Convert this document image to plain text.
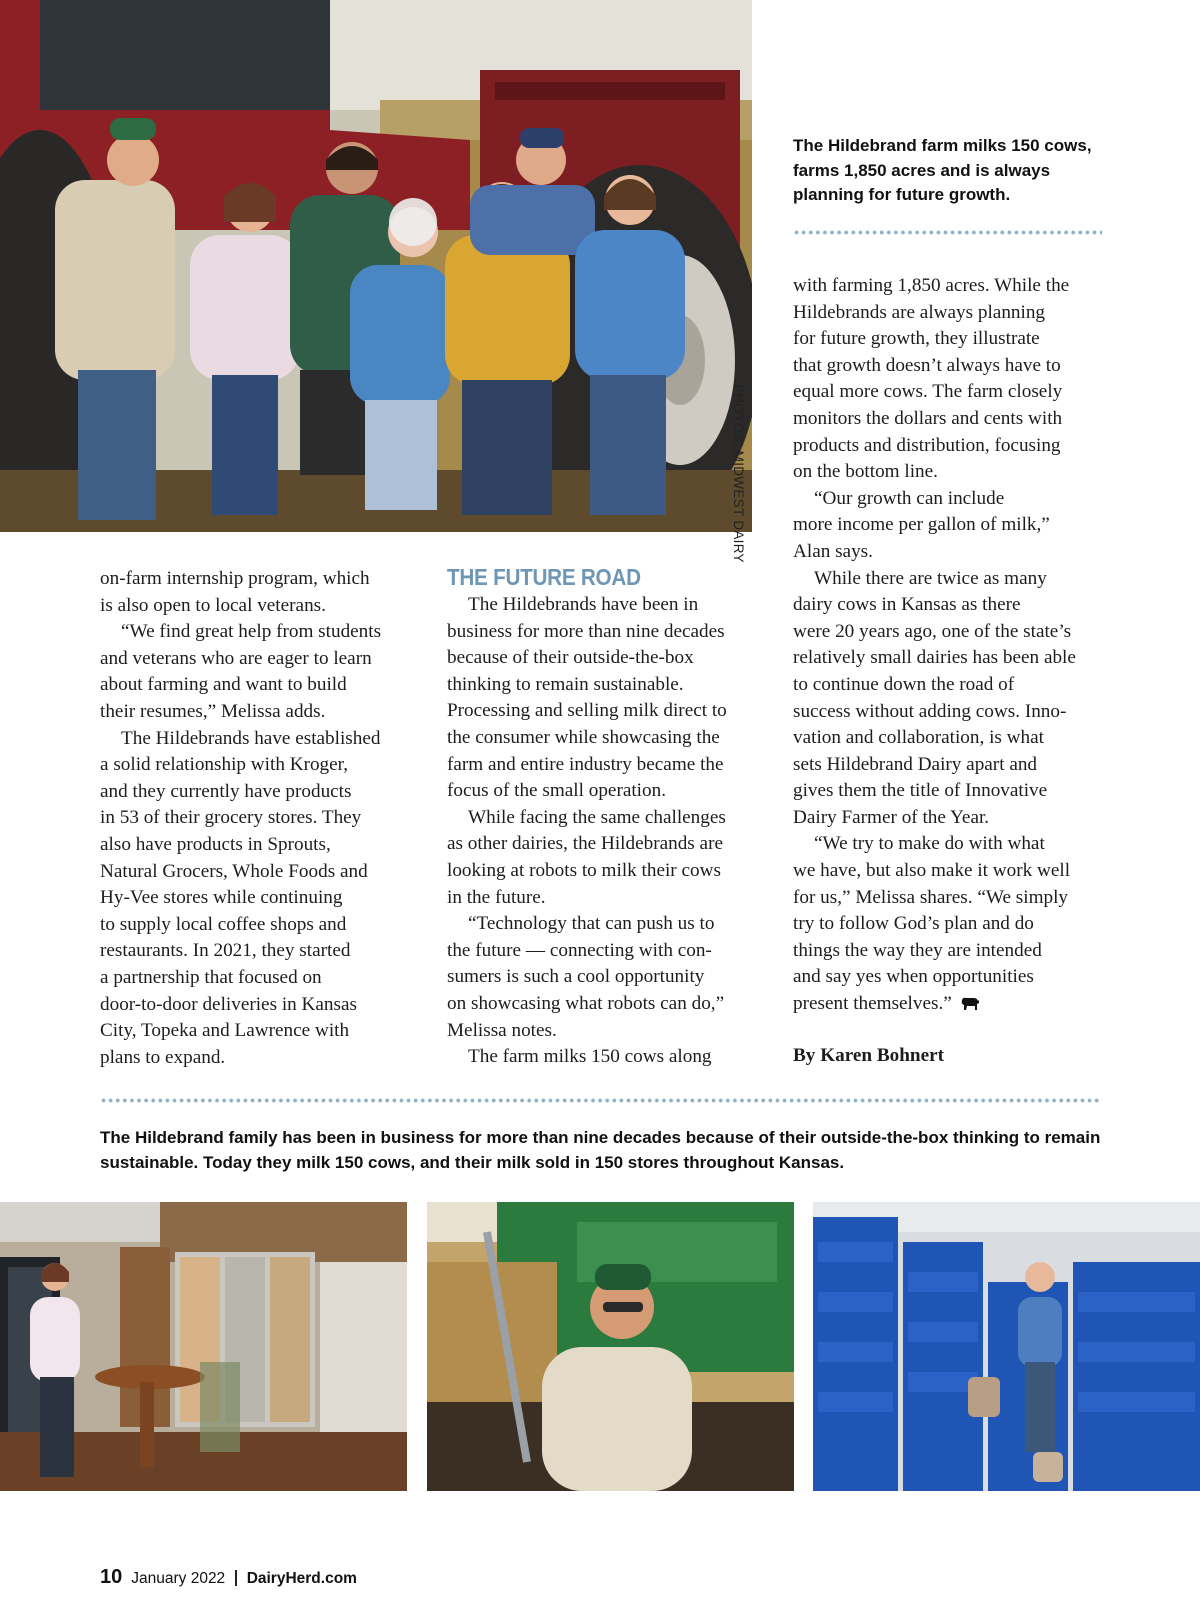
PHOTOS: MIDWEST DAIRY
The Hildebrand farm milks 150 cows, farms 1,850 acres and is always planning for future growth.

on-farm internship program, which

is also open to local veterans.

“We find great help from students

and veterans who are eager to learn

about farming and want to build

their resumes,” Melissa adds.

The Hildebrands have established

a solid relationship with Kroger,

and they currently have products

in 53 of their grocery stores. They

also have products in Sprouts,

Natural Grocers, Whole Foods and

Hy-Vee stores while continuing

to supply local coffee shops and

restaurants. In 2021, they started

a partnership that focused on

door-to-door deliveries in Kansas

City, Topeka and Lawrence with

plans to expand.

THE FUTURE ROAD

The Hildebrands have been in

business for more than nine decades

because of their outside-the-box

thinking to remain sustainable.

Processing and selling milk direct to

the consumer while showcasing the

farm and entire industry became the

focus of the small operation.

While facing the same challenges

as other dairies, the Hildebrands are

looking at robots to milk their cows

in the future.

“Technology that can push us to

the future — connecting with con-

sumers is such a cool opportunity

on showcasing what robots can do,”

Melissa notes.

The farm milks 150 cows along

with farming 1,850 acres. While the

Hildebrands are always planning

for future growth, they illustrate

that growth doesn’t always have to

equal more cows. The farm closely

monitors the dollars and cents with

products and distribution, focusing

on the bottom line.

“Our growth can include

more income per gallon of milk,”

Alan says.

While there are twice as many

dairy cows in Kansas as there

were 20 years ago, one of the state’s

relatively small dairies has been able

to continue down the road of

success without adding cows. Inno-

vation and collaboration, is what

sets Hildebrand Dairy apart and

gives them the title of Innovative

Dairy Farmer of the Year.

“We try to make do with what

we have, but also make it work well

for us,” Melissa shares. “We simply

try to follow God’s plan and do

things the way they are intended

and say yes when opportunities

present themselves.”

By Karen Bohnert
The Hildebrand family has been in business for more than nine decades because of their outside-the-box thinking to remain sustainable. Today they milk 150 cows, and their milk sold in 150 stores throughout Kansas.
10 January 2022 DairyHerd.com
